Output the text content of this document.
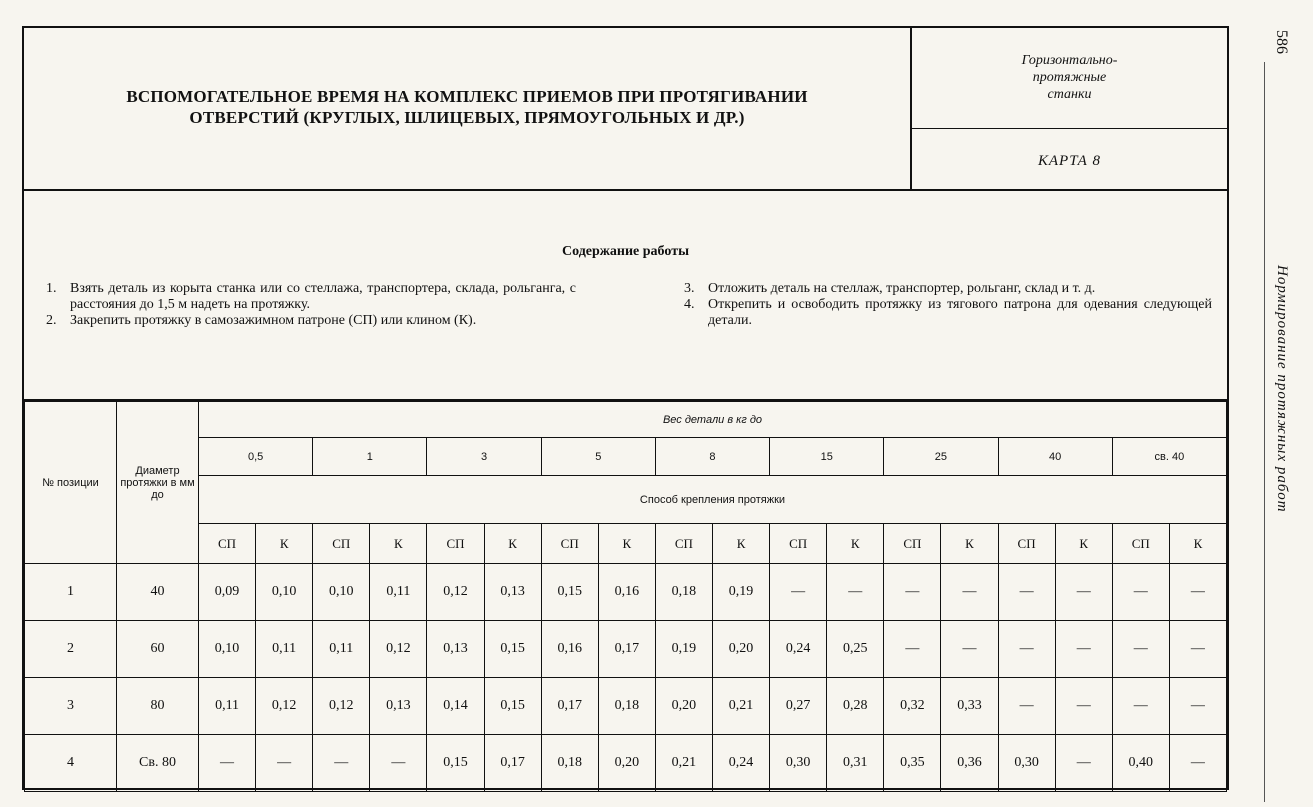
ВСПОМОГАТЕЛЬНОЕ ВРЕМЯ НА КОМПЛЕКС ПРИЕМОВ ПРИ ПРОТЯГИВАНИИ
ОТВЕРСТИЙ (КРУГЛЫХ, ШЛИЦЕВЫХ, ПРЯМОУГОЛЬНЫХ И ДР.)
Горизонтально-
протяжные
станки
КАРТА 8
Содержание работы
1. Взять деталь из корыта станка или со стеллажа, транспортера, склада, рольганга, с расстояния до 1,5 м надеть на протяжку.
2. Закрепить протяжку в самозажимном патроне (СП) или клином (К).
3. Отложить деталь на стеллаж, транспортер, рольганг, склад и т. д.
4. Открепить и освободить протяжку из тягового патрона для одевания следующей детали.
№ позиции	Диаметр протяжки в мм до	Вес детали в кг до																	
		0,5		1		3		5		8		15		25		40		св. 40	
		Способ крепления протяжки																	
		СП	К	СП	К	СП	К	СП	К	СП	К	СП	К	СП	К	СП	К	СП	К
1	40	0,09	0,10	0,10	0,11	0,12	0,13	0,15	0,16	0,18	0,19	—	—	—	—	—	—	—	—
2	60	0,10	0,11	0,11	0,12	0,13	0,15	0,16	0,17	0,19	0,20	0,24	0,25	—	—	—	—	—	—
3	80	0,11	0,12	0,12	0,13	0,14	0,15	0,17	0,18	0,20	0,21	0,27	0,28	0,32	0,33	—	—	—	—
4	Св. 80	—	—	—	—	0,15	0,17	0,18	0,20	0,21	0,24	0,30	0,31	0,35	0,36	0,30	—	0,40	—
586
Нормирование протяжных работ
